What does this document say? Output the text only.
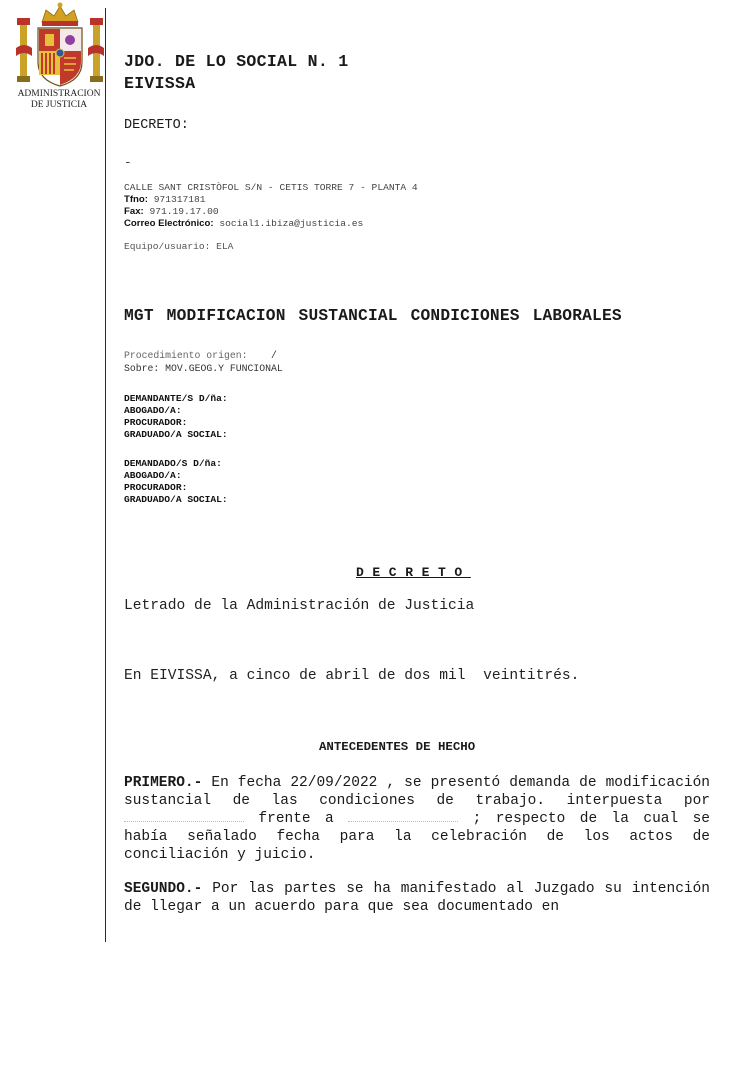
ADMINISTRACION
DE JUSTICIA
JDO. DE LO SOCIAL N. 1
EIVISSA
DECRETO:
-
CALLE SANT CRISTÒFOL S/N - CETIS TORRE 7 - PLANTA 4
Tfno: 971317181
Fax: 971.19.17.00
Correo Electrónico: social1.ibiza@justicia.es
Equipo/usuario: ELA
MGT MODIFICACION SUSTANCIAL CONDICIONES LABORALES
Procedimiento origen: /
Sobre: MOV.GEOG.Y FUNCIONAL
DEMANDANTE/S D/ña:
ABOGADO/A:
PROCURADOR:
GRADUADO/A SOCIAL:
DEMANDADO/S D/ña:
ABOGADO/A:
PROCURADOR:
GRADUADO/A SOCIAL:
DECRETO
Letrado de la Administración de Justicia
En EIVISSA, a cinco de abril de dos mil  veintitrés.
ANTECEDENTES DE HECHO
PRIMERO.- En fecha 22/09/2022 , se presentó demanda de modificación sustancial de las condiciones de trabajo. interpuesta por  frente a	; respecto de la cual se había señalado fecha para la celebración de los actos de conciliación y juicio.
SEGUNDO.- Por las partes se ha manifestado al Juzgado su intención de llegar a un acuerdo para que sea documentado en
